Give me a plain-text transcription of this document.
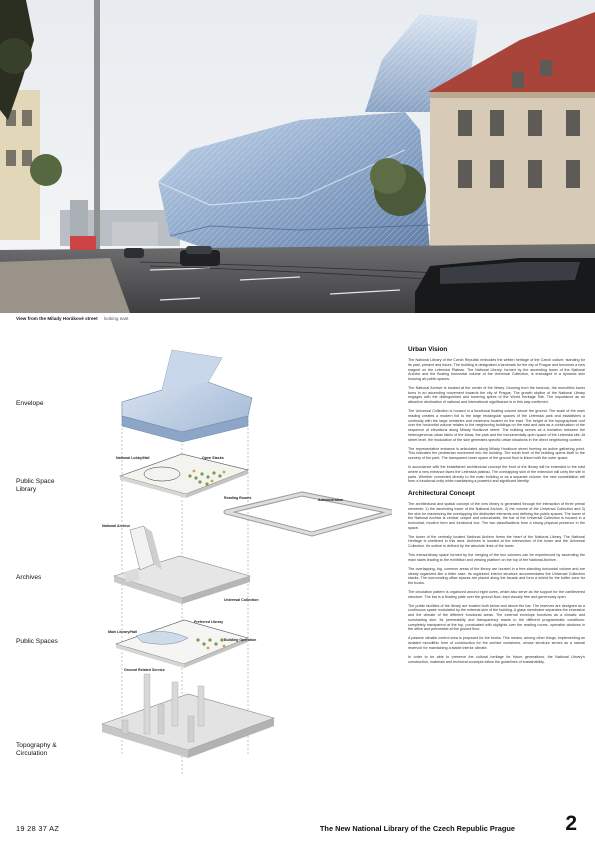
View from the Milady Horákové street looking east
Envelope
Public Space Library
Archives
Public Spaces
Topography & Circulation
National Lobby/Hall	Open Stacks
Reading Rooms
National Archive
Administration
Universal Collection
Main Library/Hall
Preferred Library
Building Operation
Ground Related Service
Urban Vision

The National Library of the Czech Republic embodies the written heritage of the Czech culture, standing for its past, present and future. The building is designated a landmark for the city of Prague and becomes a new magnet on the Letenská Plateau. The National Library, formed by the ascending tower of the National Archive and the floating horizontal volume of the Universal Collection, is envisaged in a dynamic skin housing all public spaces.

The National Archive is located at the center of the library. Growing from the bedrock, the monolithic tower turns in an ascending movement towards the city of Prague. The growth skyline of the National Library engages with the distinguished and towering spires of the World Heritage Site. The importance as an attractive destination of national and international significance is in this way confirmed.

The Universal Collection is housed in a functional floating volume above the ground. The scale of the main reading creates a modern foil to the large rectangular spaces of the Letenská park and establishes a continuity with the large ministries and museums located on the east. The height of the topographical roof over the horizontal volume relates to the neighboring buildings on the east and acts as a continuation of the sequence of elevations along Milady Horákové street. The building serves as a transition between the heterogeneous urban fabric of the ideas, the park and the monumentally open space of the Letenská site. At street level, the modulation of the skin generates specific urban situations in the direct neighboring context.

The representative entrance is articulated along Milady Horákové street forming an active gathering point. This indicates the pedestrian movement into the building. The south front of the building opens itself to the scenery of the park. The transparent lower space of the ground floor is linked with the outer space.

In accordance with the established architectural concept the front of the library will be extended to the east where a new entrance faces the Letenská plateau. The overlapping skin of the extension will unify the site in parts. Whether connected directly to the main building or as a separate volume, the new constellation will form a functional unity while maintaining a powerful and significant identity.

Architectural Concept

The architectural and spatial concept of the new library is generated through the interaction of three primal elements: 1) the ascending tower of the National Archive, 2) the volume of the Universal Collection and 3) the skin for maximizing the overlapping the distinctive elements and defining the public spaces. The tower of the National Archive is central, unique and untouchable, the bar of the Universal Collection is housed in a horizontal, modern form and functional box. The two classifications form a strong physical presence in the space.

The tower of the centrally located National Archive forms the heart of the National Library. The National Heritage is sheltered in this area. Archives is located at the intersection of the tower and the Universal Collection. Its outline is defined by the absolute lines of the tower.

This extraordinary space formed by the merging of the two volumes can be experienced by ascending the main stairs leading to the exhibition and viewing platform on the top of the National Archive.

The overlapping, big, common areas of the library are housed in a free-standing horizontal volume and are clearly organized like a letter case. Its organized interior structure accommodates the Universal Collection stacks. The surrounding office spaces are placed along the facade and form a shield for the buffer zone for the books.

The circulation pattern is organized around eight cores, which also serve as the support for the cantilevered structure. The bar is a floating plate over the ground floor, kept visually free and generously open.

The public facilities of the library are located both below and above the bar. The reserves are designed as a continuous space modulated by the external skin of the building. A glass membrane separates the excessive and the climate of the different functional areas. The external envelope functions as a climatic and sunshading skin. Its permeability and transparency reacts to the different programmatic conditions: completely transparent at the top, punctuated with skylights over the reading rooms, openable windows in the office and permeable at the ground floor.

A passive climatic control area is proposed for the books. This means, among other things, implementing an isolated monolithic form of construction for the archive containers, whose structure serves as a natural reservoir for maintaining a stable interior climate.

In order to be able to preserve the cultural heritage for future generations, the National Library's construction, materials and technical concepts follow the guidelines of sustainability.

19 28 37 AZ	The New National Library of the Czech Republic Prague 2
